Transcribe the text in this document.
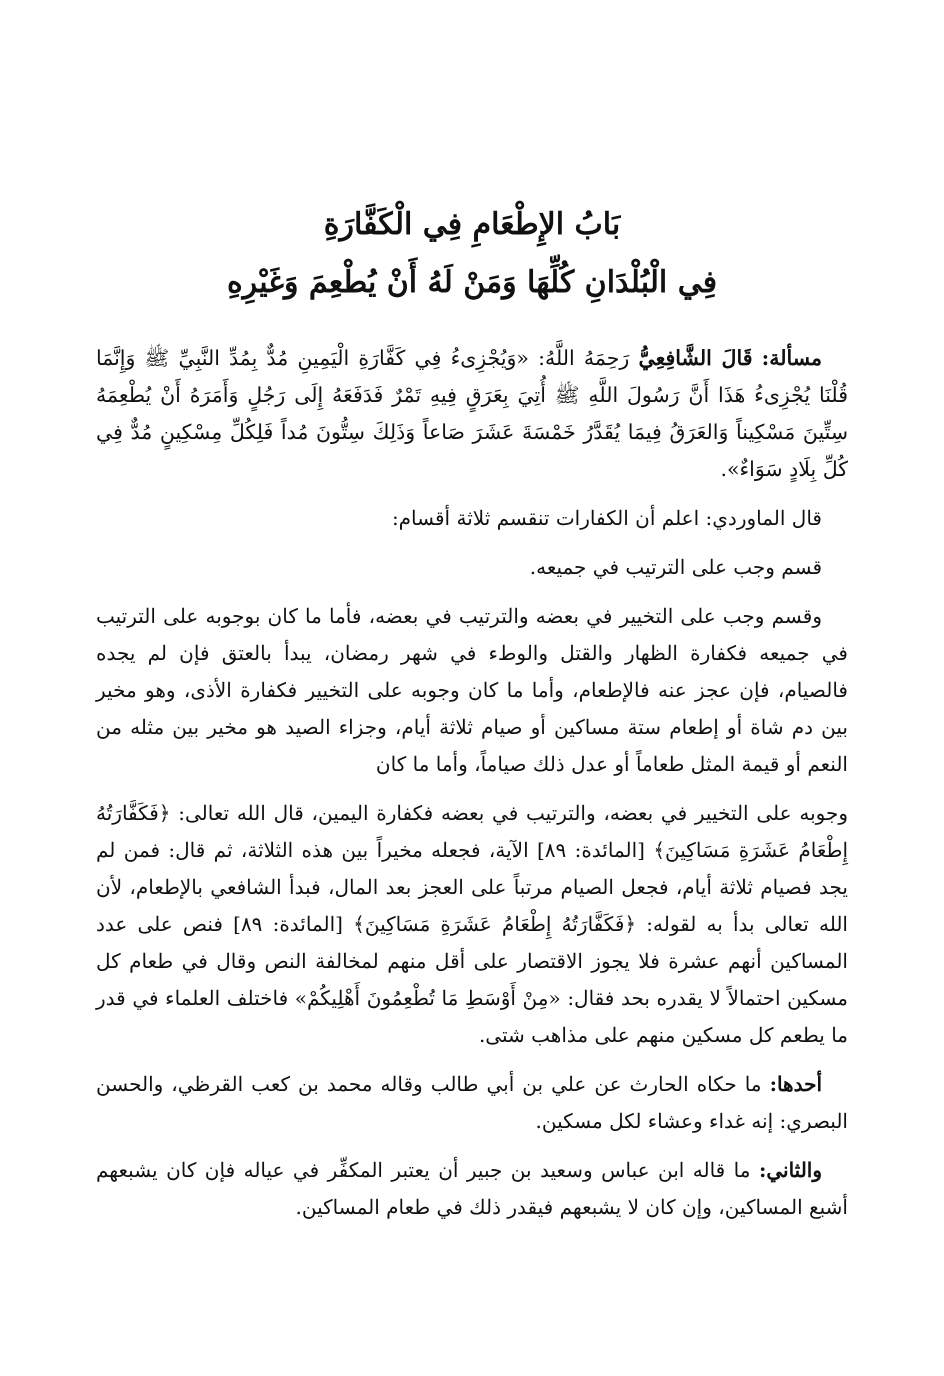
بَابُ الإِطْعَامِ فِي الْكَفَّارَةِ
فِي الْبُلْدَانِ كُلِّهَا وَمَنْ لَهُ أَنْ يُطْعِمَ وَغَيْرِهِ

مسألة: قَالَ الشَّافِعِيُّ رَحِمَهُ اللَّهُ: «وَيُجْزِىءُ فِي كَفَّارَةِ الْيَمِينِ مُدٌّ بِمُدِّ النَّبِيِّ ﷺ وَإِنَّمَا قُلْنَا يُجْزِىءُ هَذَا أَنَّ رَسُولَ اللَّهِ ﷺ أُتِيَ بِعَرَقٍ فِيهِ تَمْرٌ فَدَفَعَهُ إِلَى رَجُلٍ وَأَمَرَهُ أَنْ يُطْعِمَهُ سِتِّينَ مَسْكِيناً وَالعَرَقُ فِيمَا يُقَدَّرُ خَمْسَةَ عَشَرَ صَاعاً وَذَلِكَ سِتُّونَ مُداً فَلِكُلِّ مِسْكِينٍ مُدٌّ فِي كُلِّ بِلَادٍ سَوَاءٌ».

قال الماوردي: اعلم أن الكفارات تنقسم ثلاثة أقسام:

قسم وجب على الترتيب في جميعه.

وقسم وجب على التخيير في بعضه والترتيب في بعضه، فأما ما كان بوجوبه على الترتيب في جميعه فكفارة الظهار والقتل والوطء في شهر رمضان، يبدأ بالعتق فإن لم يجده فالصيام، فإن عجز عنه فالإطعام، وأما ما كان وجوبه على التخيير فكفارة الأذى، وهو مخير بين دم شاة أو إطعام ستة مساكين أو صيام ثلاثة أيام، وجزاء الصيد هو مخير بين مثله من النعم أو قيمة المثل طعاماً أو عدل ذلك صياماً، وأما ما كان

وجوبه على التخيير في بعضه، والترتيب في بعضه فكفارة اليمين، قال الله تعالى: ﴿فَكَفَّارَتُهُ إِطْعَامُ عَشَرَةِ مَسَاكِينَ﴾ [المائدة: ٨٩] الآية، فجعله مخيراً بين هذه الثلاثة، ثم قال: فمن لم يجد فصيام ثلاثة أيام، فجعل الصيام مرتباً على العجز بعد المال، فبدأ الشافعي بالإطعام، لأن الله تعالى بدأ به لقوله: ﴿فَكَفَّارَتُهُ إِطْعَامُ عَشَرَةِ مَسَاكِينَ﴾ [المائدة: ٨٩] فنص على عدد المساكين أنهم عشرة فلا يجوز الاقتصار على أقل منهم لمخالفة النص وقال في طعام كل مسكين احتمالاً لا يقدره بحد فقال: «مِنْ أَوْسَطِ مَا تُطْعِمُونَ أَهْلِيكُمْ» فاختلف العلماء في قدر ما يطعم كل مسكين منهم على مذاهب شتى.

أحدها: ما حكاه الحارث عن علي بن أبي طالب وقاله محمد بن كعب القرظي، والحسن البصري: إنه غداء وعشاء لكل مسكين.

والثاني: ما قاله ابن عباس وسعيد بن جبير أن يعتبر المكفِّر في عياله فإن كان يشبعهم أشبع المساكين، وإن كان لا يشبعهم فيقدر ذلك في طعام المساكين.
